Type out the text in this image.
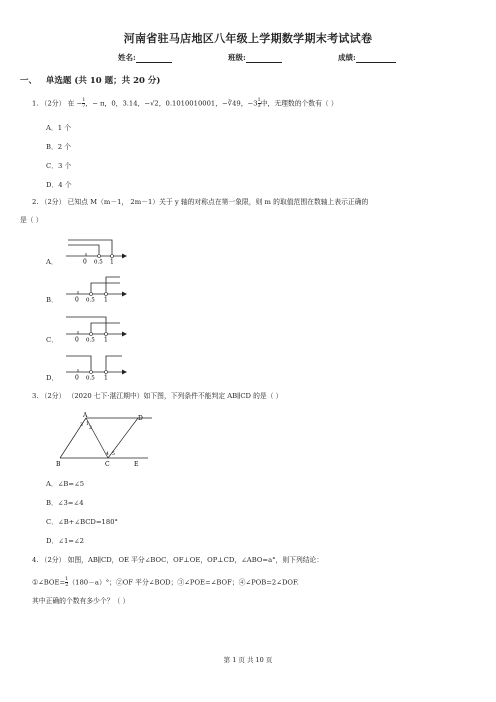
河南省驻马店地区八年级上学期数学期末考试试卷
姓名:	班级:	成绩:
一、 单选题 (共 10 题；共 20 分)
1. （2分） 在 − $\frac{1}{7}$，− π，0，3.14，−√2，0.1010010001，−∛49，$-3 \frac{1}{3}$中，无理数的个数有（ ）
A．1 个
B．2 个
C．3 个
D．4 个
2. （2分） 已知点 M（m－1， 2m－1）关于 y 轴的对称点在第一象限，则 m 的取值范围在数轴上表示正确的
是（ ）
A．
B．
C．
D．
0 0.5 1
0 0.5 1
0 0.5 1
0 0.5 1
3. （2分） （2020 七下·湛江期中）如下图，下列条件不能判定 AB∥CD 的是（ ）
A	D
B	C	E
1
2
3
4 5
A．∠B=∠5
B．∠3=∠4
C．∠B+∠BCD=180°
D．∠1=∠2
4. （2分） 如图，AB∥CD，OE 平分∠BOC，OF⊥OE，OP⊥CD，∠ABO=a°，则下列结论：
①∠BOE= $\frac{1}{2}(180-a)^\circ$；②OF 平分∠BOD；③∠POE=∠BOF；④∠POB=2∠DOF.
其中正确的个数有多少个？（ ）
第 1 页 共 10 页
